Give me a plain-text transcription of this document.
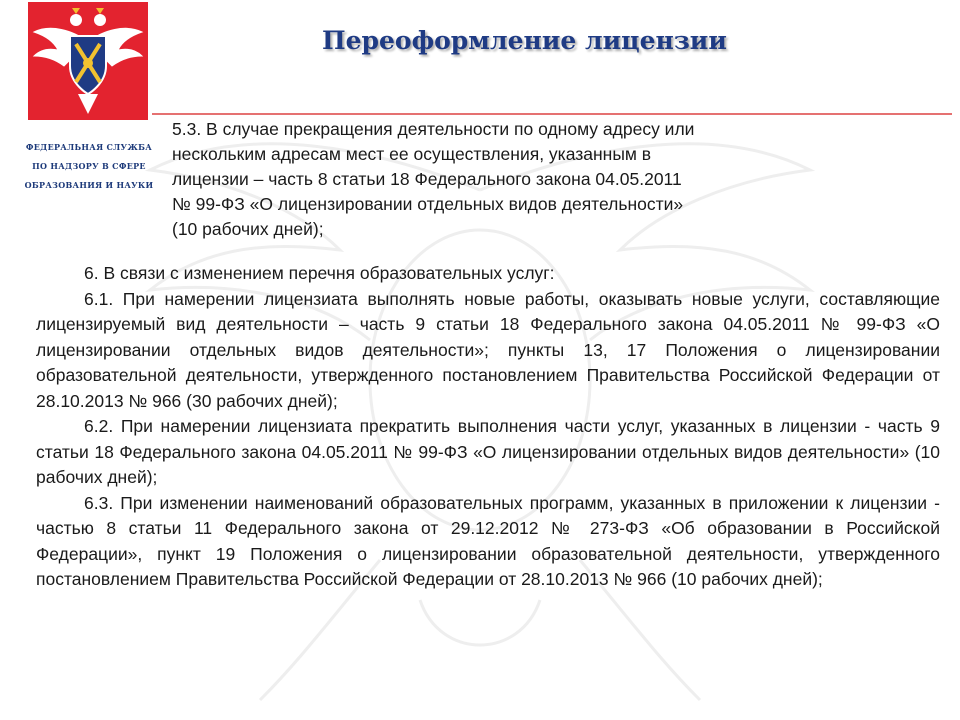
ФЕДЕРАЛЬНАЯ СЛУЖБА
ПО НАДЗОРУ В СФЕРЕ
ОБРАЗОВАНИЯ И НАУКИ
Переоформление лицензии
5.3. В случае прекращения деятельности по одному адресу или
нескольким адресам мест ее осуществления, указанным в
лицензии – часть 8 статьи 18 Федерального закона 04.05.2011
№ 99-ФЗ «О лицензировании отдельных видов деятельности»
(10 рабочих дней);

6. В связи с изменением перечня образовательных услуг:

6.1. При намерении лицензиата выполнять новые работы, оказывать новые услуги, составляющие лицензируемый вид деятельности – часть 9 статьи 18 Федерального закона 04.05.2011 № 99-ФЗ «О лицензировании отдельных видов деятельности»; пункты 13, 17 Положения о лицензировании образовательной деятельности, утвержденного постановлением Правительства Российской Федерации от 28.10.2013 № 966 (30 рабочих дней);

6.2. При намерении лицензиата прекратить выполнения части услуг, указанных в лицензии - часть 9 статьи 18 Федерального закона 04.05.2011 № 99-ФЗ «О лицензировании отдельных видов деятельности» (10 рабочих дней);

6.3. При изменении наименований образовательных программ, указанных в приложении к лицензии - частью 8 статьи 11 Федерального закона от 29.12.2012 № 273-ФЗ «Об образовании в Российской Федерации», пункт 19 Положения о лицензировании образовательной деятельности, утвержденного постановлением Правительства Российской Федерации от 28.10.2013 № 966 (10 рабочих дней);
